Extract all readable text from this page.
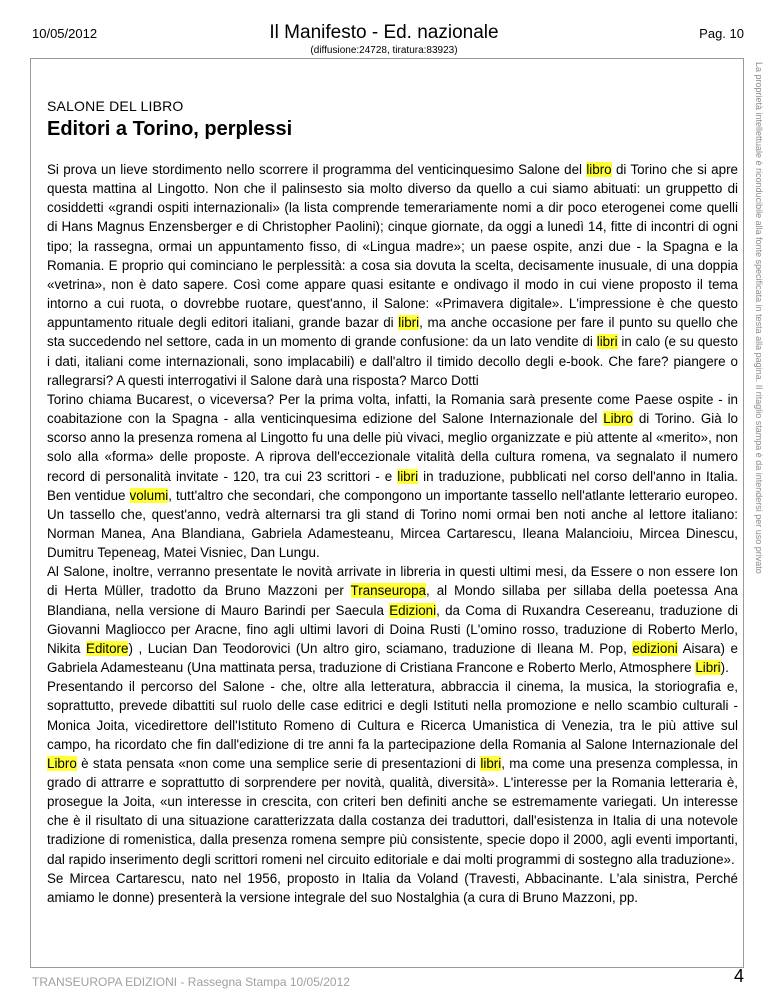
10/05/2012	Il Manifesto - Ed. nazionale	Pag. 10
(diffusione:24728, tiratura:83923)
La proprietà intellettuale è riconducibile alla fonte specificata in testa alla pagina. Il ritaglio stampa è da intendersi per uso privato
SALONE DEL LIBRO
Editori a Torino, perplessi

Si prova un lieve stordimento nello scorrere il programma del venticinquesimo Salone del libro di Torino che si apre questa mattina al Lingotto. Non che il palinsesto sia molto diverso da quello a cui siamo abituati: un gruppetto di cosiddetti «grandi ospiti internazionali» (la lista comprende temerariamente nomi a dir poco eterogenei come quelli di Hans Magnus Enzensberger e di Christopher Paolini); cinque giornate, da oggi a lunedì 14, fitte di incontri di ogni tipo; la rassegna, ormai un appuntamento fisso, di «Lingua madre»; un paese ospite, anzi due - la Spagna e la Romania. E proprio qui cominciano le perplessità: a cosa sia dovuta la scelta, decisamente inusuale, di una doppia «vetrina», non è dato sapere. Così come appare quasi esitante e ondivago il modo in cui viene proposto il tema intorno a cui ruota, o dovrebbe ruotare, quest'anno, il Salone: «Primavera digitale». L'impressione è che questo appuntamento rituale degli editori italiani, grande bazar di libri, ma anche occasione per fare il punto su quello che sta succedendo nel settore, cada in un momento di grande confusione: da un lato vendite di libri in calo (e su questo i dati, italiani come internazionali, sono implacabili) e dall'altro il timido decollo degli e-book. Che fare? piangere o rallegrarsi? A questi interrogativi il Salone darà una risposta? Marco Dotti

Torino chiama Bucarest, o viceversa? Per la prima volta, infatti, la Romania sarà presente come Paese ospite - in coabitazione con la Spagna - alla venticinquesima edizione del Salone Internazionale del Libro di Torino. Già lo scorso anno la presenza romena al Lingotto fu una delle più vivaci, meglio organizzate e più attente al «merito», non solo alla «forma» delle proposte. A riprova dell'eccezionale vitalità della cultura romena, va segnalato il numero record di personalità invitate - 120, tra cui 23 scrittori - e libri in traduzione, pubblicati nel corso dell'anno in Italia. Ben ventidue volumi, tutt'altro che secondari, che compongono un importante tassello nell'atlante letterario europeo. Un tassello che, quest'anno, vedrà alternarsi tra gli stand di Torino nomi ormai ben noti anche al lettore italiano: Norman Manea, Ana Blandiana, Gabriela Adamesteanu, Mircea Cartarescu, Ileana Malancioiu, Mircea Dinescu, Dumitru Tepeneag, Matei Visniec, Dan Lungu.

Al Salone, inoltre, verranno presentate le novità arrivate in libreria in questi ultimi mesi, da Essere o non essere Ion di Herta Müller, tradotto da Bruno Mazzoni per Transeuropa, al Mondo sillaba per sillaba della poetessa Ana Blandiana, nella versione di Mauro Barindi per Saecula Edizioni, da Coma di Ruxandra Cesereanu, traduzione di Giovanni Magliocco per Aracne, fino agli ultimi lavori di Doina Rusti (L'omino rosso, traduzione di Roberto Merlo, Nikita Editore) , Lucian Dan Teodorovici (Un altro giro, sciamano, traduzione di Ileana M. Pop, edizioni Aisara) e Gabriela Adamesteanu (Una mattinata persa, traduzione di Cristiana Francone e Roberto Merlo, Atmosphere Libri).

Presentando il percorso del Salone - che, oltre alla letteratura, abbraccia il cinema, la musica, la storiografia e, soprattutto, prevede dibattiti sul ruolo delle case editrici e degli Istituti nella promozione e nello scambio culturali - Monica Joita, vicedirettore dell'Istituto Romeno di Cultura e Ricerca Umanistica di Venezia, tra le più attive sul campo, ha ricordato che fin dall'edizione di tre anni fa la partecipazione della Romania al Salone Internazionale del Libro è stata pensata «non come una semplice serie di presentazioni di libri, ma come una presenza complessa, in grado di attrarre e soprattutto di sorprendere per novità, qualità, diversità». L'interesse per la Romania letteraria è, prosegue la Joita, «un interesse in crescita, con criteri ben definiti anche se estremamente variegati. Un interesse che è il risultato di una situazione caratterizzata dalla costanza dei traduttori, dall'esistenza in Italia di una notevole tradizione di romenistica, dalla presenza romena sempre più consistente, specie dopo il 2000, agli eventi importanti, dal rapido inserimento degli scrittori romeni nel circuito editoriale e dai molti programmi di sostegno alla traduzione».

Se Mircea Cartarescu, nato nel 1956, proposto in Italia da Voland (Travesti, Abbacinante. L'ala sinistra, Perché amiamo le donne) presenterà la versione integrale del suo Nostalghia (a cura di Bruno Mazzoni, pp.

TRANSEUROPA EDIZIONI - Rassegna Stampa 10/05/2012	4
